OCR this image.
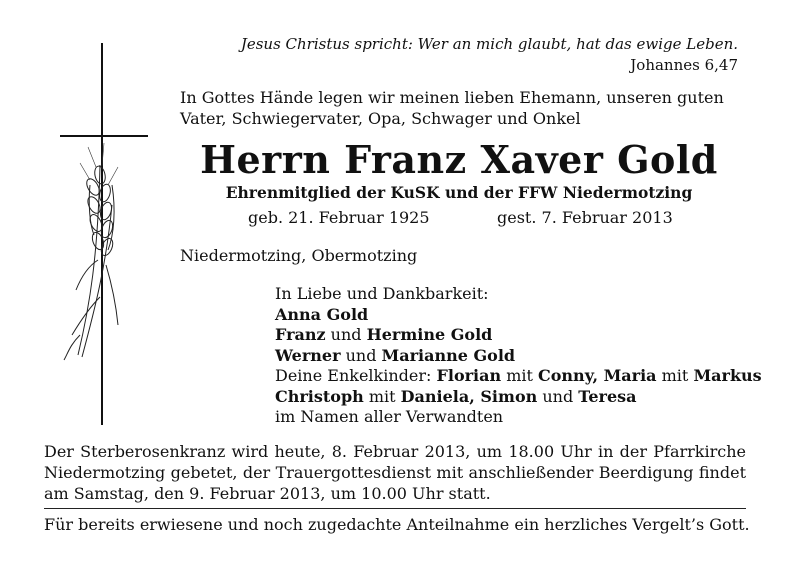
Jesus Christus spricht: Wer an mich glaubt, hat das ewige Leben.
Johannes 6,47
In Gottes Hände legen wir meinen lieben Ehemann, unseren guten Vater, Schwiegervater, Opa, Schwager und Onkel
Herrn Franz Xaver Gold
Ehrenmitglied der KuSK und der FFW Niedermotzing
geb. 21. Februar 1925	gest. 7. Februar 2013
Niedermotzing, Obermotzing
In Liebe und Dankbarkeit:
Anna Gold
Franz und Hermine Gold
Werner und Marianne Gold
Deine Enkelkinder: Florian mit Conny, Maria mit Markus
Christoph mit Daniela, Simon und Teresa
im Namen aller Verwandten
Der Sterberosenkranz wird heute, 8. Februar 2013, um 18.00 Uhr in der Pfarrkirche Niedermotzing gebetet, der Trauergottesdienst mit anschließender Beerdigung findet am Samstag, den 9. Februar 2013, um 10.00 Uhr statt.
Für bereits erwiesene und noch zugedachte Anteilnahme ein herzliches Vergelt’s Gott.
